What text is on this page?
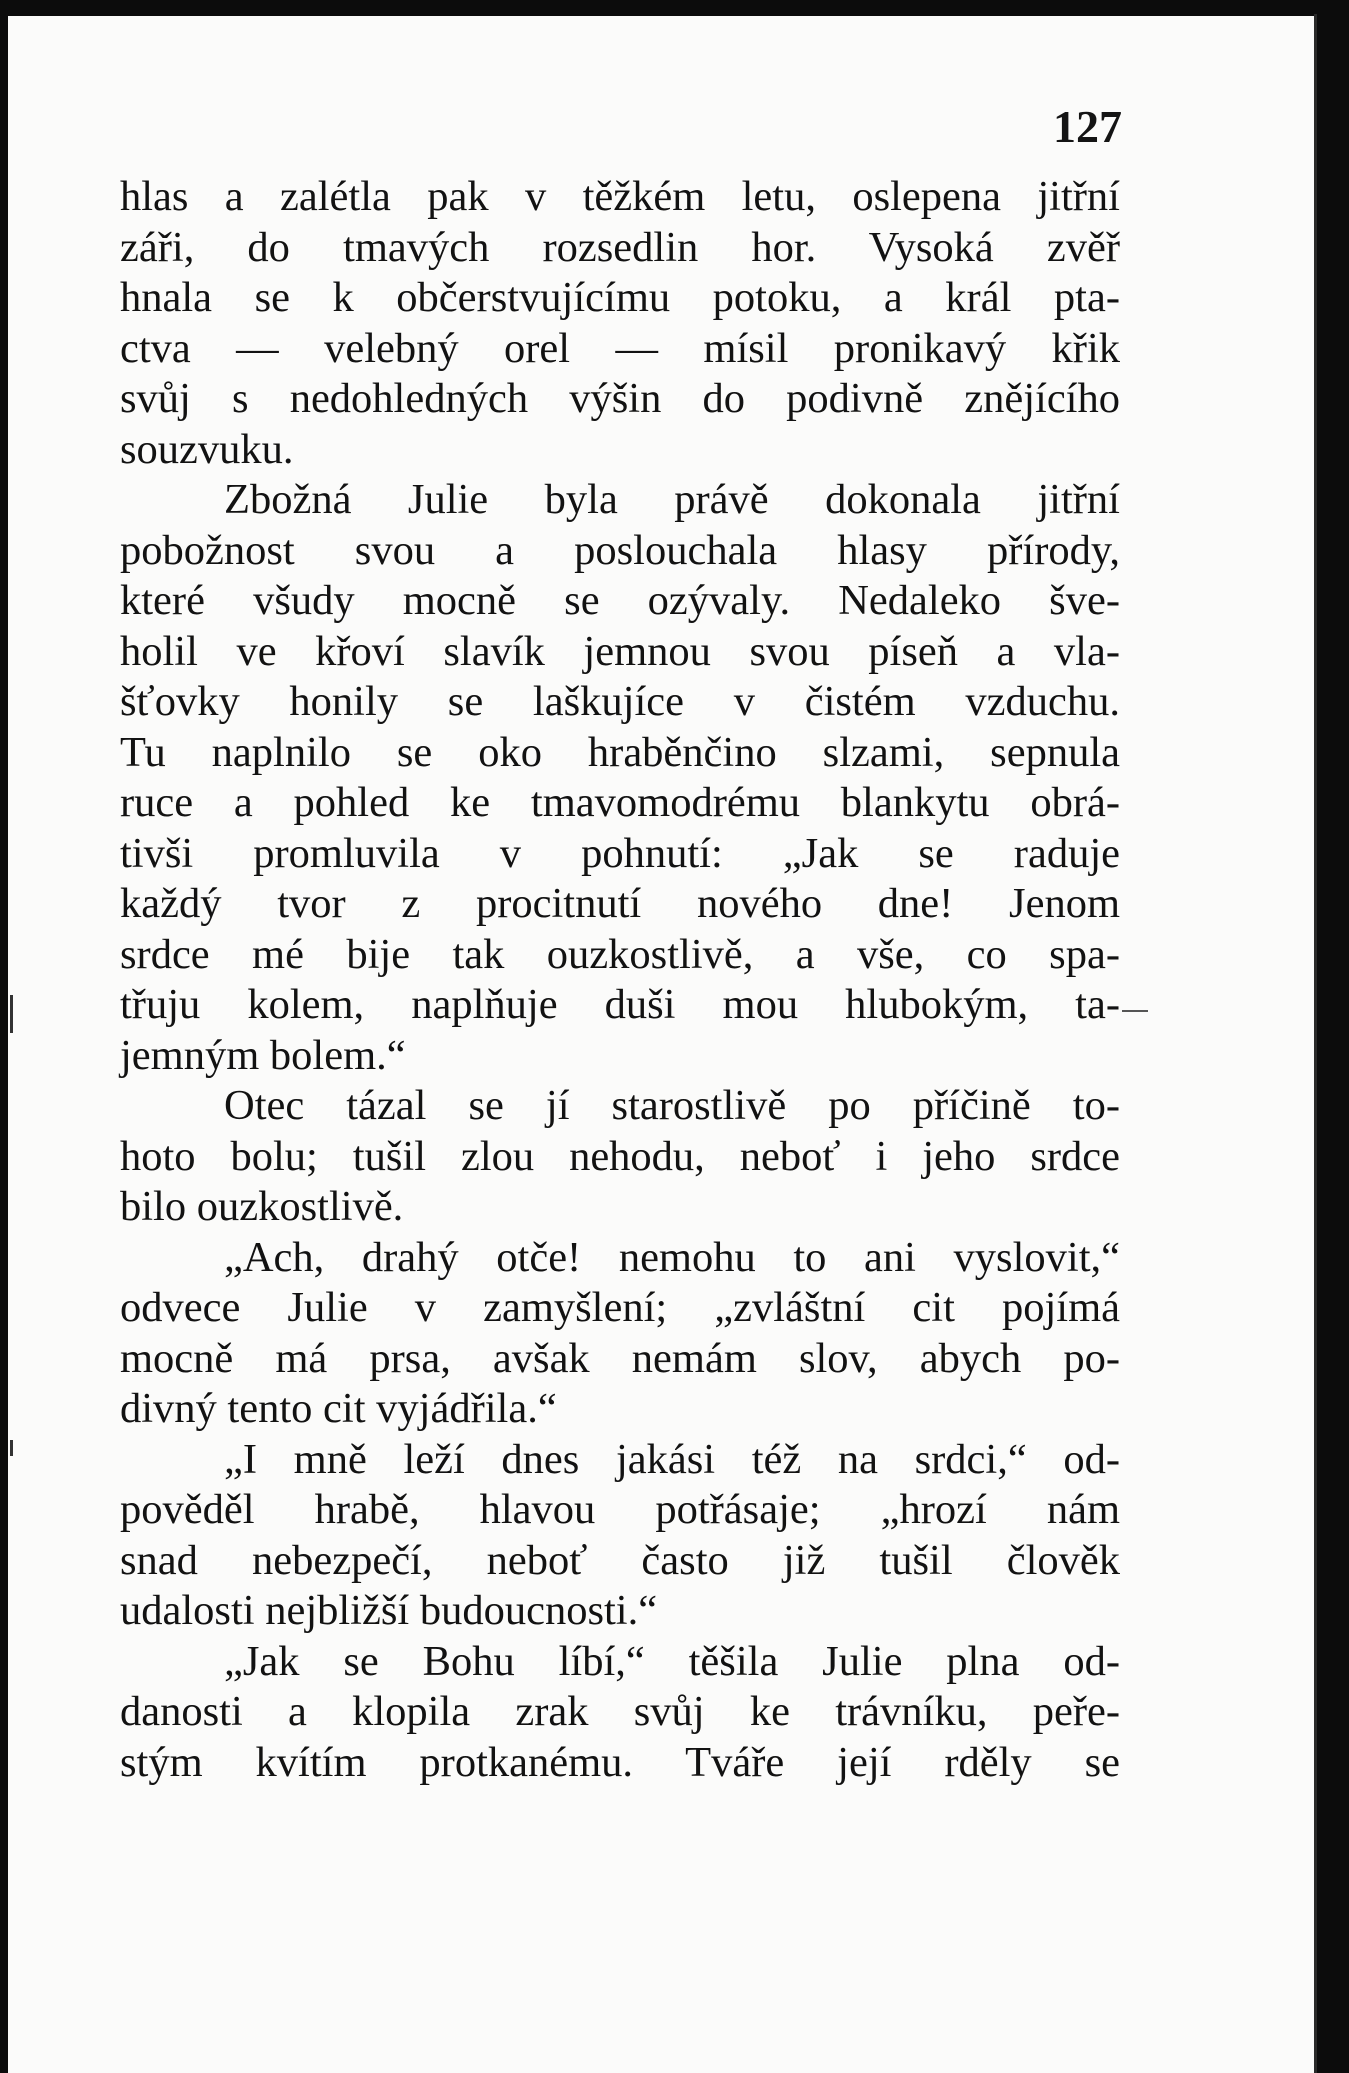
127
hlas a zalétla pak v těžkém letu, oslepena jitřní
záři, do tmavých rozsedlin hor. Vysoká zvěř
hnala se k občerstvujícímu potoku, a král pta-
ctva — velebný orel — mísil pronikavý křik
svůj s nedohledných výšin do podivně znějícího
souzvuku.
Zbožná Julie byla právě dokonala jitřní
pobožnost svou a poslouchala hlasy přírody,
které všudy mocně se ozývaly. Nedaleko šve-
holil ve křoví slavík jemnou svou píseň a vla-
šťovky honily se laškujíce v čistém vzduchu.
Tu naplnilo se oko hraběnčino slzami, sepnula
ruce a pohled ke tmavomodrému blankytu obrá-
tivši promluvila v pohnutí: „Jak se raduje
každý tvor z procitnutí nového dne! Jenom
srdce mé bije tak ouzkostlivě, a vše, co spa-
třuju kolem, naplňuje duši mou hlubokým, ta-
jemným bolem.“
Otec tázal se jí starostlivě po příčině to-
hoto bolu; tušil zlou nehodu, neboť i jeho srdce
bilo ouzkostlivě.
„Ach, drahý otče! nemohu to ani vyslovit,“
odvece Julie v zamyšlení; „zvláštní cit pojímá
mocně má prsa, avšak nemám slov, abych po-
divný tento cit vyjádřila.“
„I mně leží dnes jakási též na srdci,“ od-
pověděl hrabě, hlavou potřásaje; „hrozí nám
snad nebezpečí, neboť často již tušil člověk
udalosti nejbližší budoucnosti.“
„Jak se Bohu líbí,“ těšila Julie plna od-
danosti a klopila zrak svůj ke trávníku, peře-
stým kvítím protkanému. Tváře její rděly se
